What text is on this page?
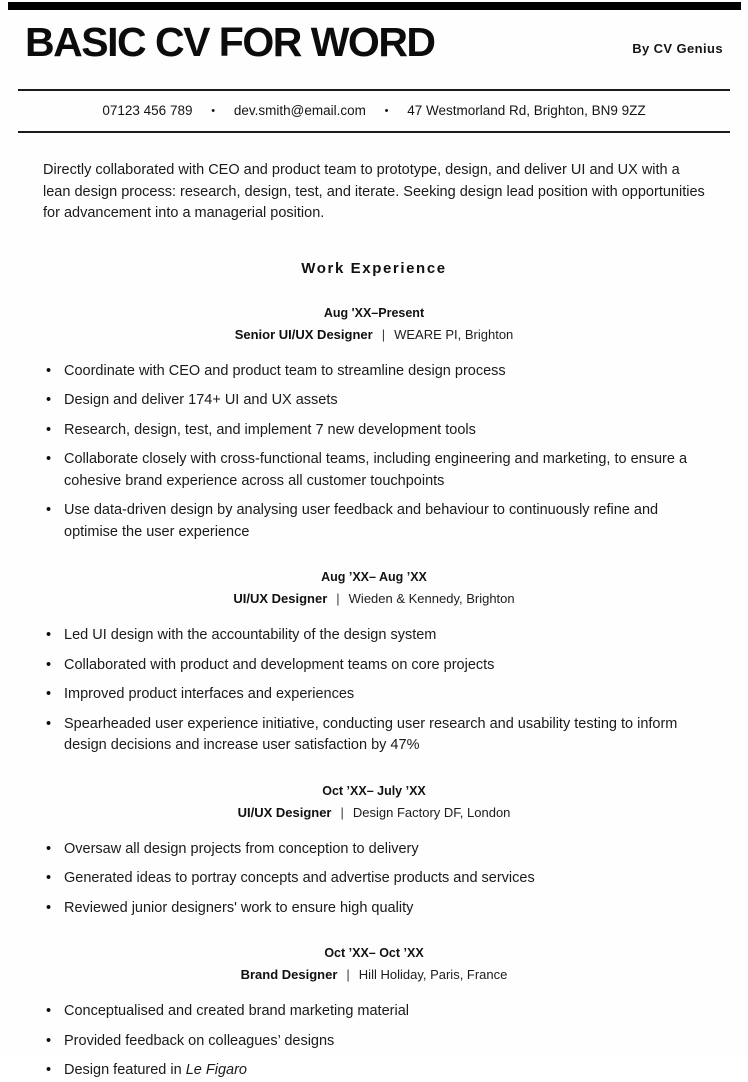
BASIC CV FOR WORD	By CV Genius
07123 456 789 • dev.smith@email.com • 47 Westmorland Rd, Brighton, BN9 9ZZ

Directly collaborated with CEO and product team to prototype, design, and deliver UI and UX with a lean design process: research, design, test, and iterate. Seeking design lead position with opportunities for advancement into a managerial position.

Work Experience
Aug 'XX–Present
Senior UI/UX Designer | WEARE PI, Brighton
• Coordinate with CEO and product team to streamline design process
• Design and deliver 174+ UI and UX assets
• Research, design, test, and implement 7 new development tools
• Collaborate closely with cross-functional teams, including engineering and marketing, to ensure a cohesive brand experience across all customer touchpoints
• Use data-driven design by analysing user feedback and behaviour to continuously refine and optimise the user experience
Aug ’XX– Aug ’XX
UI/UX Designer | Wieden & Kennedy, Brighton
• Led UI design with the accountability of the design system
• Collaborated with product and development teams on core projects
• Improved product interfaces and experiences
• Spearheaded user experience initiative, conducting user research and usability testing to inform design decisions and increase user satisfaction by 47%
Oct ’XX– July ’XX
UI/UX Designer | Design Factory DF, London
• Oversaw all design projects from conception to delivery
• Generated ideas to portray concepts and advertise products and services
• Reviewed junior designers' work to ensure high quality
Oct ’XX– Oct ’XX
Brand Designer | Hill Holiday, Paris, France
• Conceptualised and created brand marketing material
• Provided feedback on colleagues’ designs
• Design featured in Le Figaro
